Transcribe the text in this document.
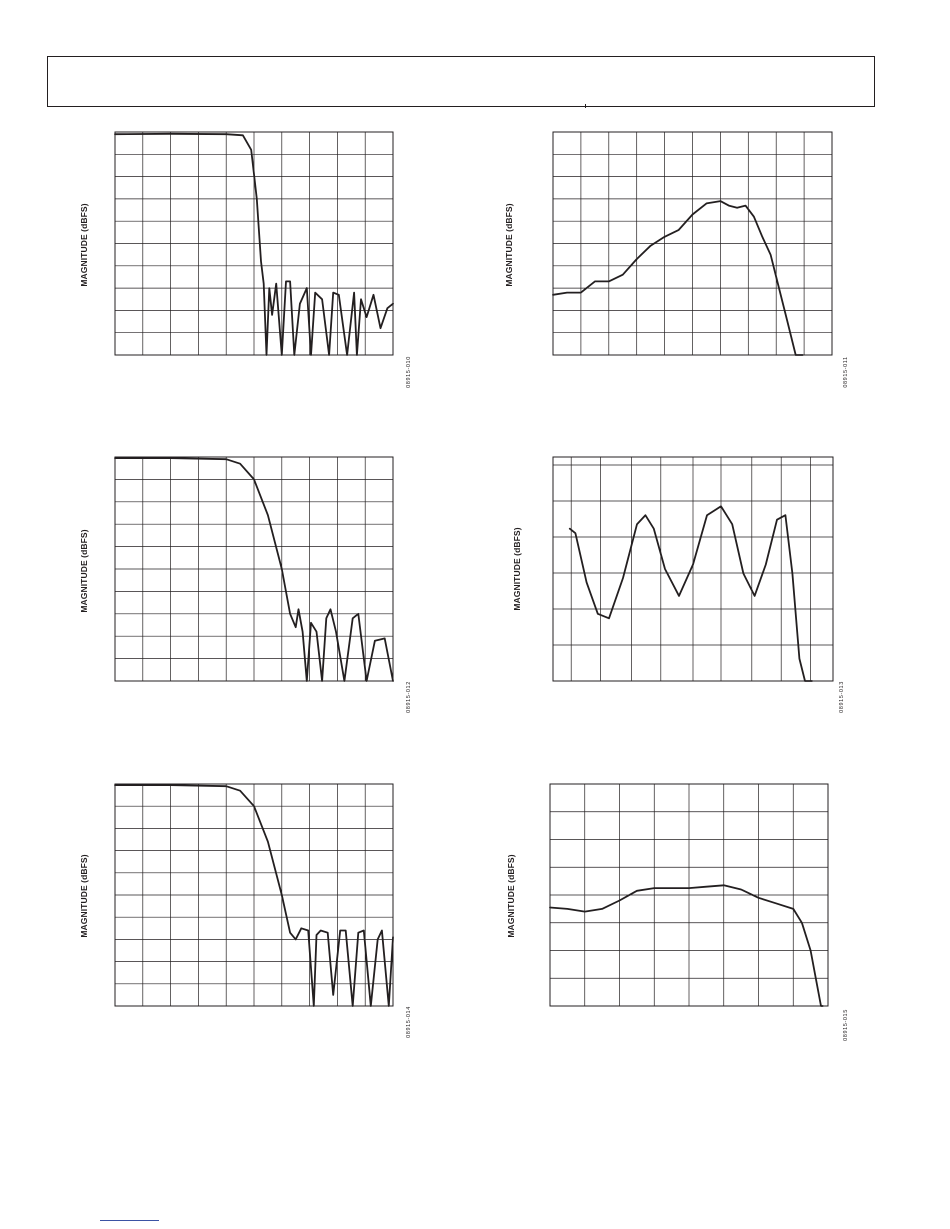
MAGNITUDE (dBFS)
08915-010
MAGNITUDE (dBFS)
08915-011
MAGNITUDE (dBFS)
08915-012
MAGNITUDE (dBFS)
08915-013
MAGNITUDE (dBFS)
08915-014
MAGNITUDE (dBFS)
08915-015
